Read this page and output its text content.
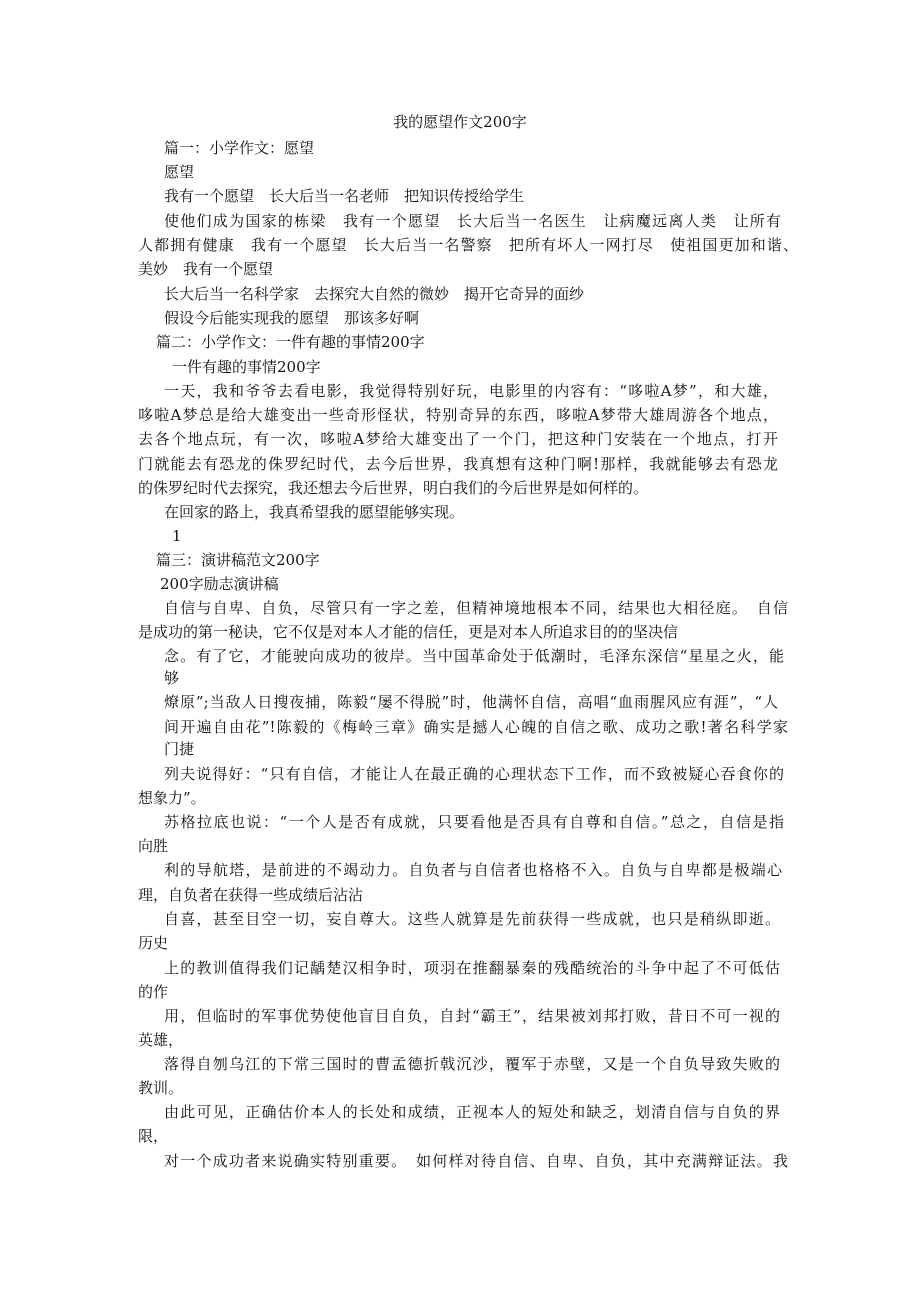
我的愿望作文200字
篇一：小学作文：愿望
愿望
我有一个愿望　长大后当一名老师　把知识传授给学生
使他们成为国家的栋梁　我有一个愿望　长大后当一名医生　让病魔远离人类　让所有
人都拥有健康　我有一个愿望　长大后当一名警察　把所有坏人一网打尽　使祖国更加和谐、
美妙　我有一个愿望
长大后当一名科学家　去探究大自然的微妙　揭开它奇异的面纱
假设今后能实现我的愿望　那该多好啊
篇二：小学作文：一件有趣的事情200字
一件有趣的事情200字
一天，我和爷爷去看电影，我觉得特别好玩，电影里的内容有：“哆啦A梦”，和大雄，
哆啦A梦总是给大雄变出一些奇形怪状，特别奇异的东西，哆啦A梦带大雄周游各个地点，
去各个地点玩，有一次，哆啦A梦给大雄变出了一个门，把这种门安装在一个地点，打开
门就能去有恐龙的侏罗纪时代，去今后世界，我真想有这种门啊!那样，我就能够去有恐龙
的侏罗纪时代去探究，我还想去今后世界，明白我们的今后世界是如何样的。
在回家的路上，我真希望我的愿望能够实现。
1
篇三：演讲稿范文200字
200字励志演讲稿
自信与自卑、自负，尽管只有一字之差，但精神境地根本不同，结果也大相径庭。　自信
是成功的第一秘诀，它不仅是对本人才能的信任，更是对本人所追求目的的坚决信
念。有了它，才能驶向成功的彼岸。当中国革命处于低潮时，毛泽东深信“星星之火，能
够
燎原”;当敌人日搜夜捕，陈毅“屡不得脱”时，他满怀自信，高唱“血雨腥风应有涯”，“人
间开遍自由花”!陈毅的《梅岭三章》确实是撼人心魄的自信之歌、成功之歌!著名科学家
门捷
列夫说得好：“只有自信，才能让人在最正确的心理状态下工作，而不致被疑心吞食你的
想象力”。
苏格拉底也说：“一个人是否有成就，只要看他是否具有自尊和自信。”总之，自信是指
向胜
利的导航塔，是前进的不竭动力。自负者与自信者也格格不入。自负与自卑都是极端心
理，自负者在获得一些成绩后沾沾
自喜，甚至目空一切，妄自尊大。这些人就算是先前获得一些成就，也只是稍纵即逝。
历史
上的教训值得我们记龋楚汉相争时，项羽在推翻暴秦的残酷统治的斗争中起了不可低估
的作
用，但临时的军事优势使他盲目自负，自封“霸王”，结果被刘邦打败，昔日不可一视的
英雄，
落得自刎乌江的下常三国时的曹孟德折戟沉沙，覆军于赤壁，又是一个自负导致失败的
教训。
由此可见，正确估价本人的长处和成绩，正视本人的短处和缺乏，划清自信与自负的界
限，
对一个成功者来说确实特别重要。　如何样对待自信、自卑、自负，其中充满辩证法。我
